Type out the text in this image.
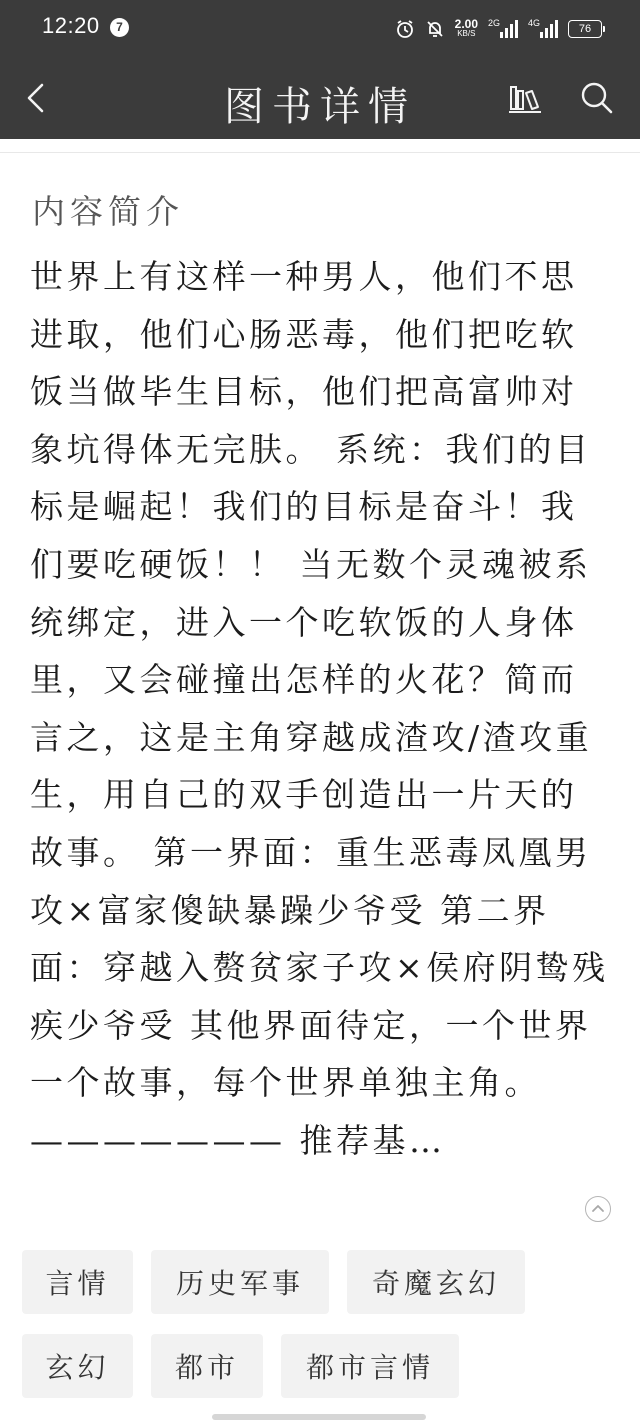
12:20	7	2.00
KB/S
2G	4G	76
图书详情
内容简介
世界上有这样一种男人，他们不思进取，他们心肠恶毒，他们把吃软饭当做毕生目标，他们把高富帅对象坑得体无完肤。 系统：我们的目标是崛起！我们的目标是奋斗！我们要吃硬饭！！ 当无数个灵魂被系统绑定，进入一个吃软饭的人身体里，又会碰撞出怎样的火花？简而言之，这是主角穿越成渣攻/渣攻重生，用自己的双手创造出一片天的故事。 第一界面：重生恶毒凤凰男攻×富家傻缺暴躁少爷受 第二界面：穿越入赘贫家子攻×侯府阴鸷残疾少爷受 其他界面待定，一个世界一个故事，每个世界单独主角。 ——————— 推荐基…
言情	历史军事	奇魔玄幻
玄幻	都市	都市言情
